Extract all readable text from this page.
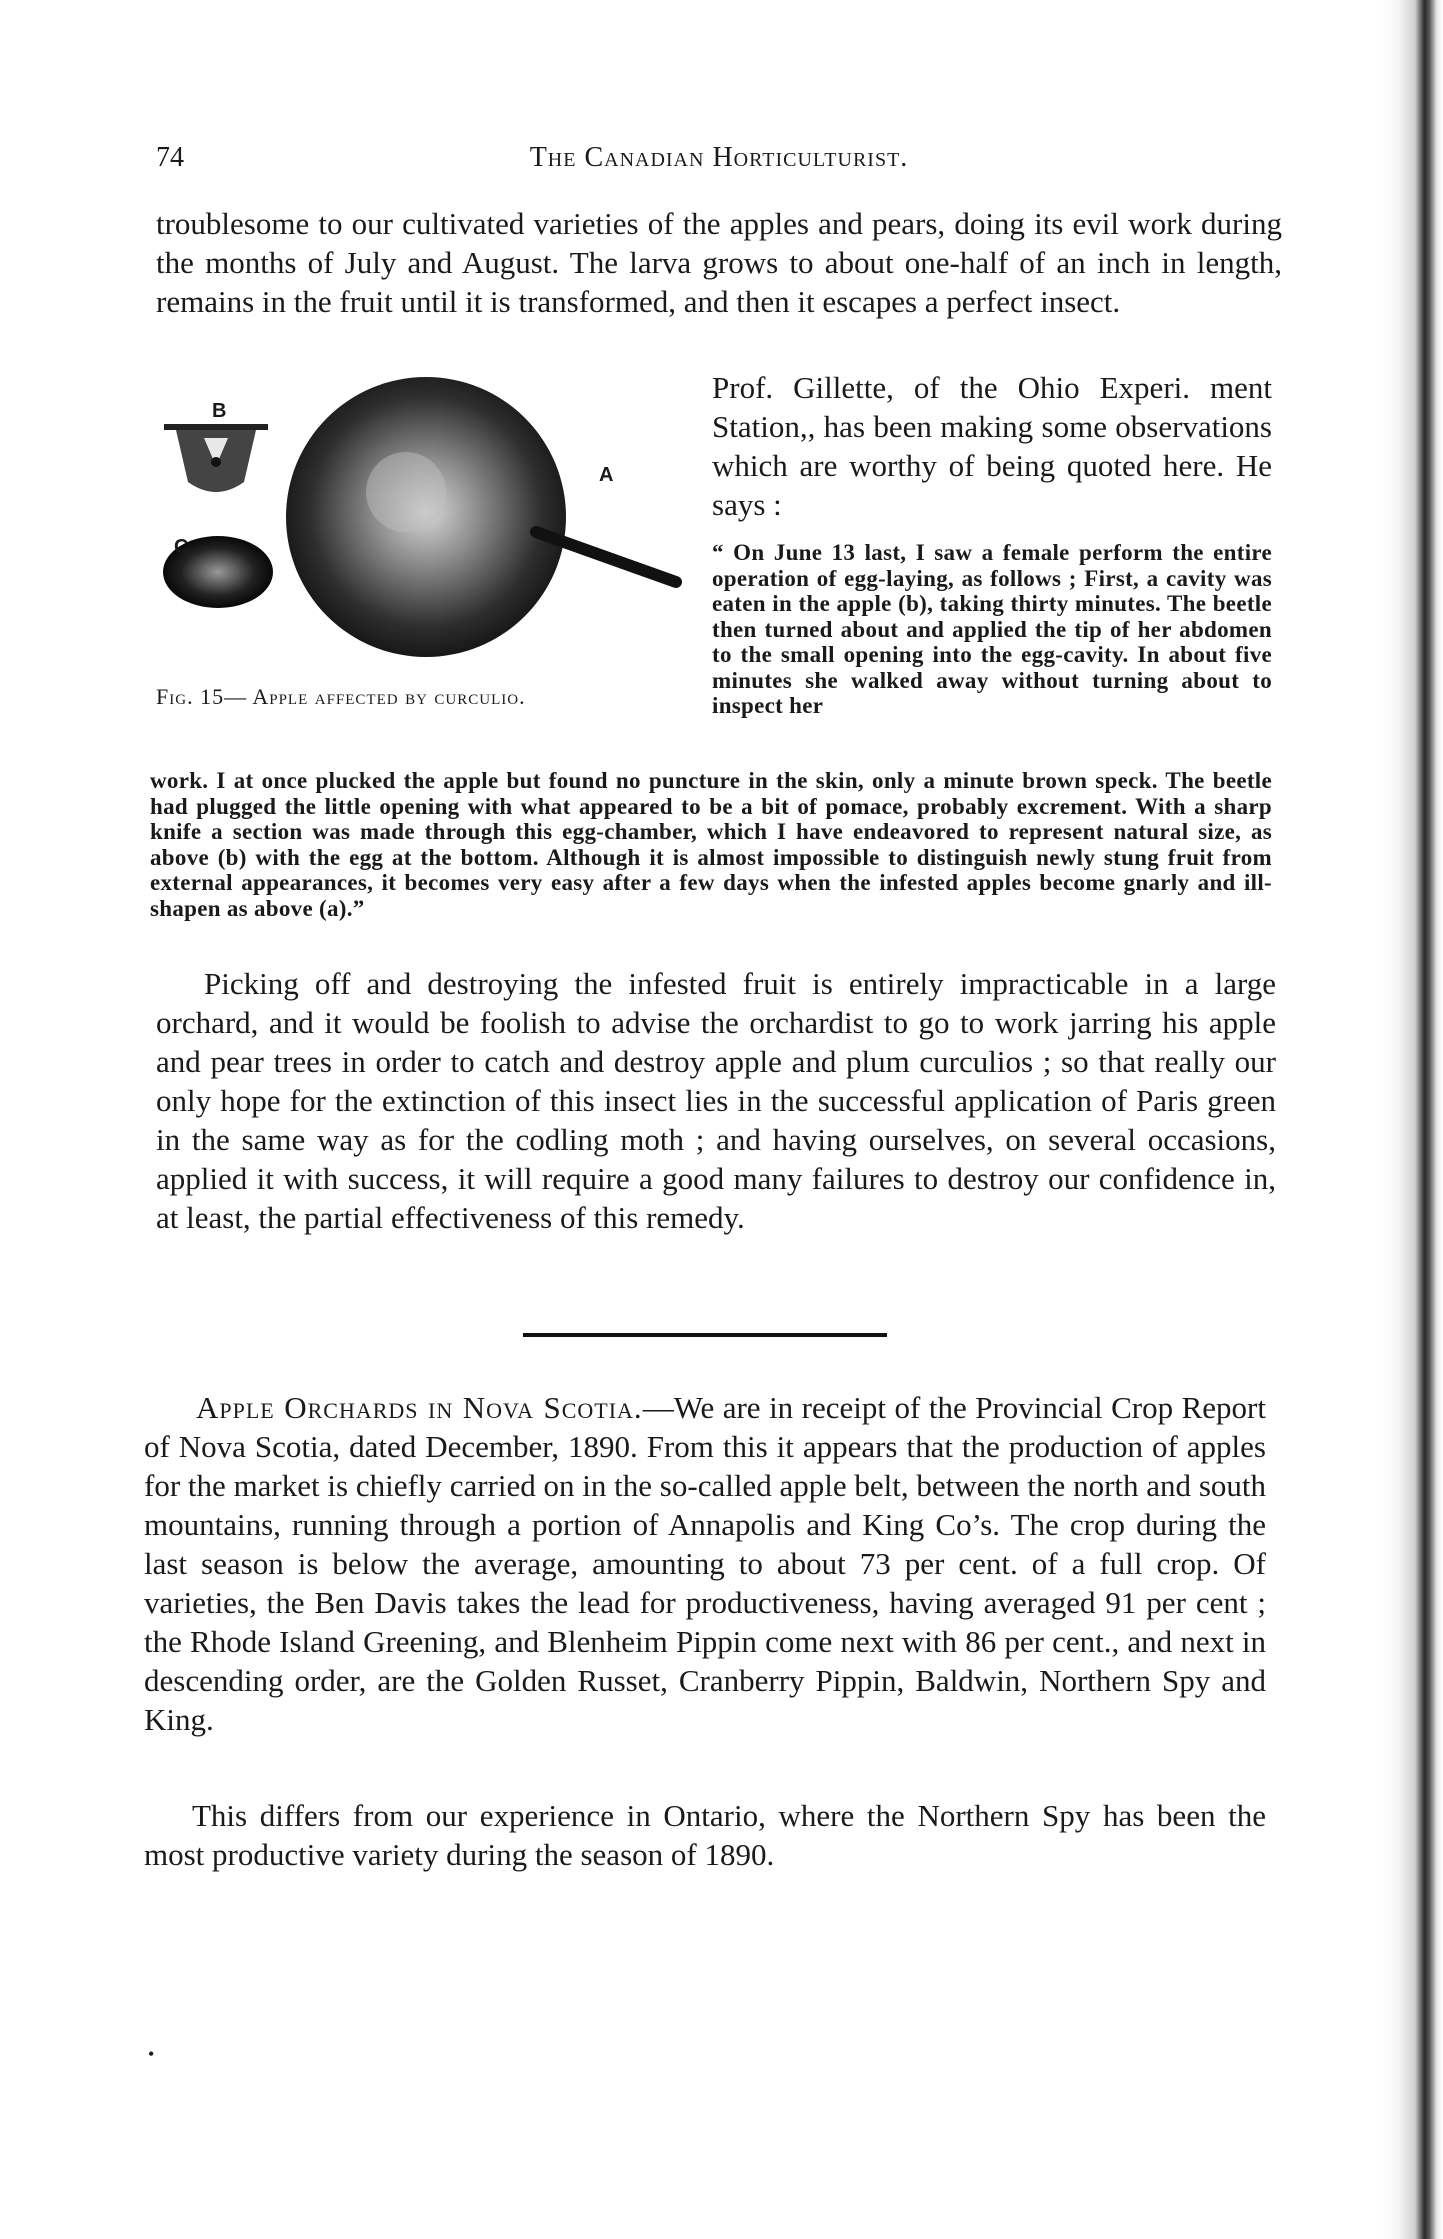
74	The Canadian Horticulturist.

troublesome to our cultivated varieties of the apples and pears, doing its evil work during the months of July and August. The larva grows to about one-half of an inch in length, remains in the fruit until it is transformed, and then it escapes a perfect insect.

B
C
A
Fig. 15— Apple affected by curculio.

Prof. Gillette, of the Ohio Experi. ment Station,, has been making some observations which are worthy of being quoted here. He says :

“ On June 13 last, I saw a female perform the entire operation of egg-laying, as follows ; First, a cavity was eaten in the apple (b), taking thirty minutes. The beetle then turned about and applied the tip of her abdomen to the small opening into the egg-cavity. In about five minutes she walked away without turning about to inspect her

work. I at once plucked the apple but found no puncture in the skin, only a minute brown speck. The beetle had plugged the little opening with what appeared to be a bit of pomace, probably excrement. With a sharp knife a section was made through this egg-chamber, which I have endeavored to represent natural size, as above (b) with the egg at the bottom. Although it is almost impossible to distinguish newly stung fruit from external appearances, it becomes very easy after a few days when the infested apples become gnarly and ill-shapen as above (a).”

Picking off and destroying the infested fruit is entirely impracticable in a large orchard, and it would be foolish to advise the orchardist to go to work jarring his apple and pear trees in order to catch and destroy apple and plum curculios ; so that really our only hope for the extinction of this insect lies in the successful application of Paris green in the same way as for the codling moth ; and having ourselves, on several occasions, applied it with success, it will require a good many failures to destroy our confidence in, at least, the partial effectiveness of this remedy.

Apple Orchards in Nova Scotia.—We are in receipt of the Provincial Crop Report of Nova Scotia, dated December, 1890. From this it appears that the production of apples for the market is chiefly carried on in the so-called apple belt, between the north and south mountains, running through a portion of Annapolis and King Co’s. The crop during the last season is below the average, amounting to about 73 per cent. of a full crop. Of varieties, the Ben Davis takes the lead for productiveness, having averaged 91 per cent ; the Rhode Island Greening, and Blenheim Pippin come next with 86 per cent., and next in descending order, are the Golden Russet, Cranberry Pippin, Baldwin, Northern Spy and King.

This differs from our experience in Ontario, where the Northern Spy has been the most productive variety during the season of 1890.

•
